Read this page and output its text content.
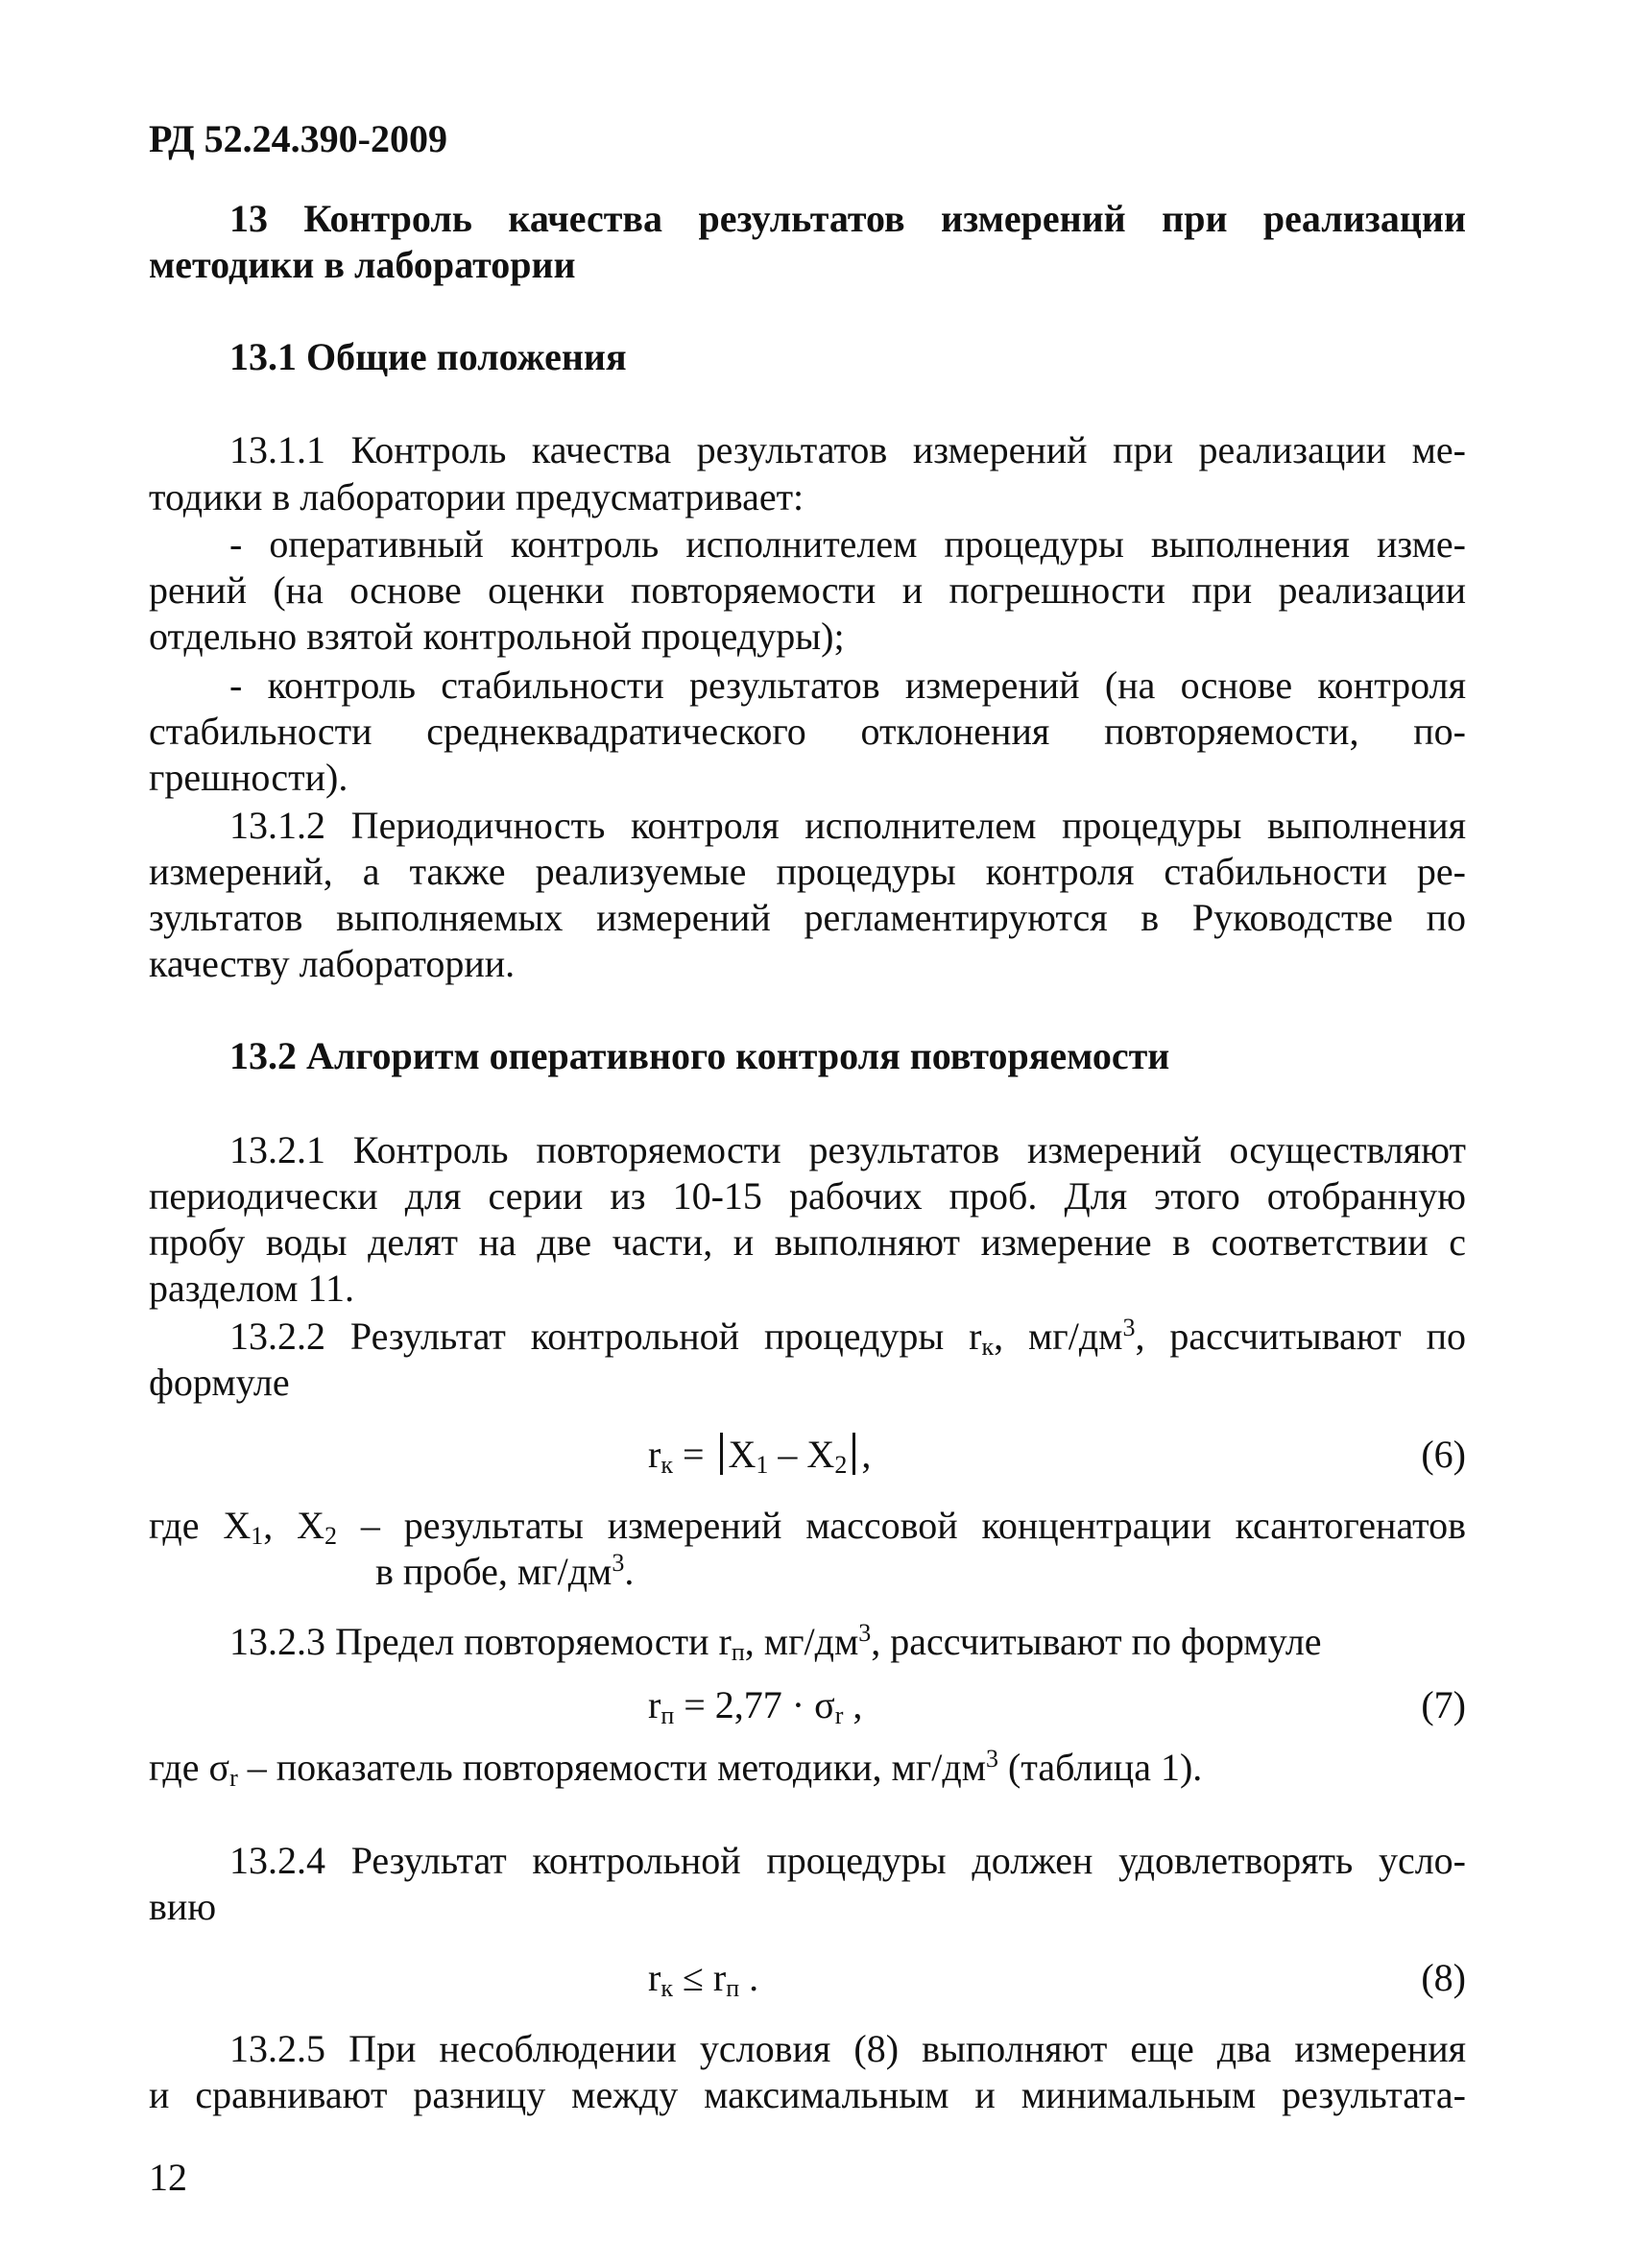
РД 52.24.390-2009
13 Контроль качества результатов измерений при реализации
методики в лаборатории
13.1 Общие положения
13.1.1 Контроль качества результатов измерений при реализации ме-
тодики в лаборатории предусматривает:
- оперативный контроль исполнителем процедуры выполнения изме-
рений (на основе оценки повторяемости и погрешности при реализации
отдельно взятой контрольной процедуры);
- контроль стабильности результатов измерений (на основе контроля
стабильности среднеквадратического отклонения повторяемости, по-
грешности).
13.1.2 Периодичность контроля исполнителем процедуры выполнения
измерений, а также реализуемые процедуры контроля стабильности ре-
зультатов выполняемых измерений регламентируются в Руководстве по
качеству лаборатории.
13.2 Алгоритм оперативного контроля повторяемости
13.2.1 Контроль повторяемости результатов измерений осуществляют
периодически для серии из 10-15 рабочих проб. Для этого отобранную
пробу воды делят на две части, и выполняют измерение в соответствии с
разделом 11.
13.2.2 Результат контрольной процедуры $r_к$, $мг/дм^3$, рассчитывают по
формуле
$r_к = X_1 - X_2$ ,	(6)
где $X_1$, $X_2$ – результаты измерений массовой концентрации ксантогенатов
в пробе, $мг/дм^3$.
13.2.3 Предел повторяемости $r_п$, $мг/дм^3$, рассчитывают по формуле
$r_п = 2,77 \cdot \sigma_r$ ,	(7)
где $\sigma_r$ – показатель повторяемости методики, $мг/дм^3$ (таблица 1).
13.2.4 Результат контрольной процедуры должен удовлетворять усло-
вию
$r_к \le r_п$ .	(8)
13.2.5 При несоблюдении условия (8) выполняют еще два измерения
и сравнивают разницу между максимальным и минимальным результата-
12
